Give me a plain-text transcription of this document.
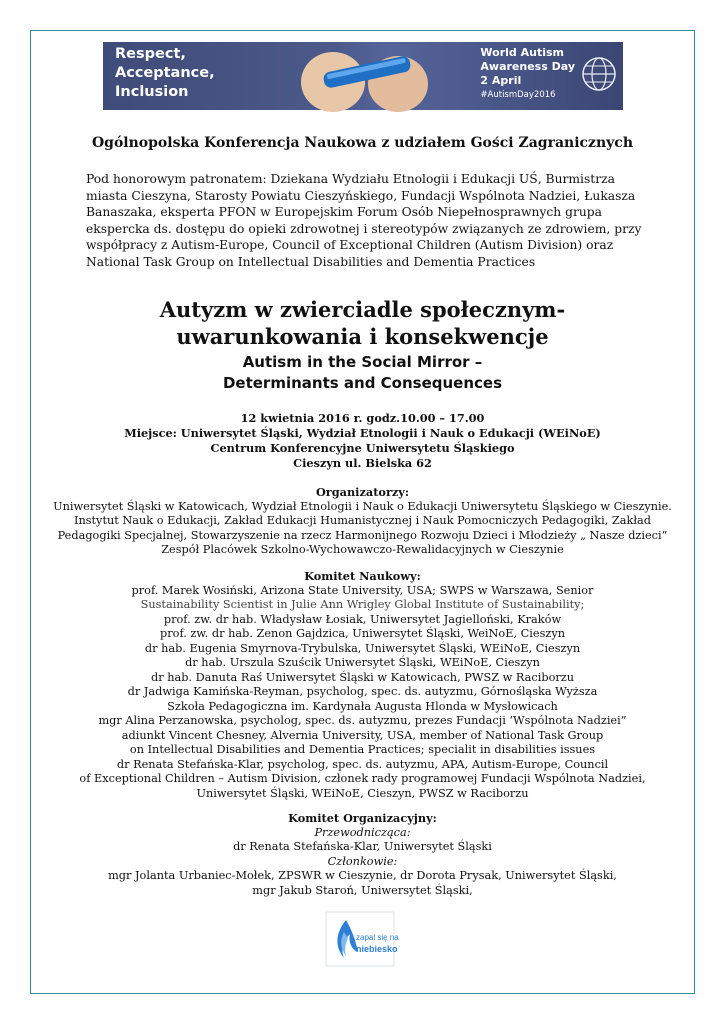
Respect,
Acceptance,
Inclusion
World Autism
Awareness Day
2 April
#AutismDay2016
Ogólnopolska Konferencja Naukowa z udziałem Gości Zagranicznych
Pod honorowym patronatem: Dziekana Wydziału Etnologii i Edukacji UŚ, Burmistrza
miasta Cieszyna, Starosty Powiatu Cieszyńskiego, Fundacji Wspólnota Nadziei, Łukasza
Banaszaka, eksperta PFON w Europejskim Forum Osób Niepełnosprawnych grupa
ekspercka ds. dostępu do opieki zdrowotnej i stereotypów związanych ze zdrowiem, przy
współpracy z Autism-Europe, Council of Exceptional Children (Autism Division) oraz
National Task Group on Intellectual Disabilities and Dementia Practices
Autyzm w zwierciadle społecznym-
uwarunkowania i konsekwencje
Autism in the Social Mirror –
Determinants and Consequences
12 kwietnia 2016 r. godz.10.00 – 17.00
Miejsce: Uniwersytet Śląski, Wydział Etnologii i Nauk o Edukacji (WEiNoE)
Centrum Konferencyjne Uniwersytetu Śląskiego
Cieszyn ul. Bielska 62
Organizatorzy:
Uniwersytet Śląski w Katowicach, Wydział Etnologii i Nauk o Edukacji Uniwersytetu Śląskiego w Cieszynie.
Instytut Nauk o Edukacji, Zakład Edukacji Humanistycznej i Nauk Pomocniczych Pedagogiki, Zakład
Pedagogiki Specjalnej, Stowarzyszenie na rzecz Harmonijnego Rozwoju Dzieci i Młodzieży „ Nasze dzieci”
Zespół Placówek Szkolno-Wychowawczo-Rewalidacyjnych w Cieszynie
Komitet Naukowy:
prof. Marek Wosiński, Arizona State University, USA; SWPS w Warszawa, Senior
Sustainability Scientist in Julie Ann Wrigley Global Institute of Sustainability;
prof. zw. dr hab. Władysław Łosiak, Uniwersytet Jagielloński, Kraków
prof. zw. dr hab. Zenon Gajdzica, Uniwersytet Śląski, WeiNoE, Cieszyn
dr hab. Eugenia Smyrnova-Trybulska, Uniwersytet Śląski, WEiNoE, Cieszyn
dr hab. Urszula Szuścik Uniwersytet Śląski, WEiNoE, Cieszyn
dr hab. Danuta Raś Uniwersytet Śląski w Katowicach, PWSZ w Raciborzu
dr Jadwiga Kamińska-Reyman, psycholog, spec. ds. autyzmu, Górnośląska Wyższa
Szkoła Pedagogiczna im. Kardynała Augusta Hlonda w Mysłowicach
mgr Alina Perzanowska, psycholog, spec. ds. autyzmu, prezes Fundacji ‘Wspólnota Nadziei”
adiunkt Vincent Chesney, Alvernia University, USA, member of National Task Group
on Intellectual Disabilities and Dementia Practices; specialit in disabilities issues
dr Renata Stefańska-Klar, psycholog, spec. ds. autyzmu, APA, Autism-Europe, Council
of Exceptional Children – Autism Division, członek rady programowej Fundacji Wspólnota Nadziei,
Uniwersytet Śląski, WEiNoE, Cieszyn, PWSZ w Raciborzu
Komitet Organizacyjny:
Przewodnicząca:
dr Renata Stefańska-Klar, Uniwersytet Śląski
Członkowie:
mgr Jolanta Urbaniec-Mołek, ZPSWR w Cieszynie, dr Dorota Prysak, Uniwersytet Śląski,
mgr Jakub Staroń, Uniwersytet Śląski,
zapal się na
niebiesko
